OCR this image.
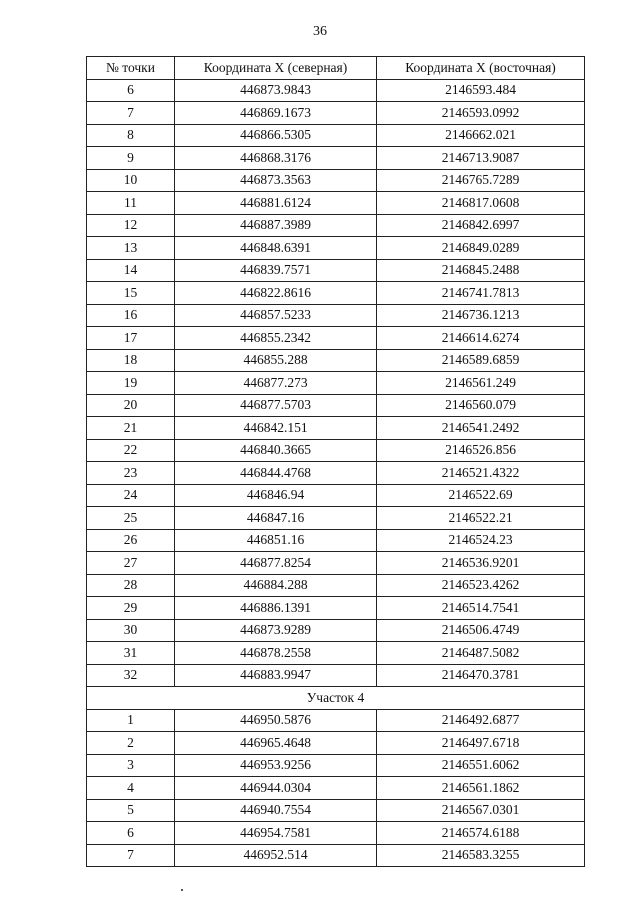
36
№ точки	Координата X (северная)	Координата X (восточная)
6	446873.9843	2146593.484
7	446869.1673	2146593.0992
8	446866.5305	2146662.021
9	446868.3176	2146713.9087
10	446873.3563	2146765.7289
11	446881.6124	2146817.0608
12	446887.3989	2146842.6997
13	446848.6391	2146849.0289
14	446839.7571	2146845.2488
15	446822.8616	2146741.7813
16	446857.5233	2146736.1213
17	446855.2342	2146614.6274
18	446855.288	2146589.6859
19	446877.273	2146561.249
20	446877.5703	2146560.079
21	446842.151	2146541.2492
22	446840.3665	2146526.856
23	446844.4768	2146521.4322
24	446846.94	2146522.69
25	446847.16	2146522.21
26	446851.16	2146524.23
27	446877.8254	2146536.9201
28	446884.288	2146523.4262
29	446886.1391	2146514.7541
30	446873.9289	2146506.4749
31	446878.2558	2146487.5082
32	446883.9947	2146470.3781
Участок 4		
1	446950.5876	2146492.6877
2	446965.4648	2146497.6718
3	446953.9256	2146551.6062
4	446944.0304	2146561.1862
5	446940.7554	2146567.0301
6	446954.7581	2146574.6188
7	446952.514	2146583.3255
